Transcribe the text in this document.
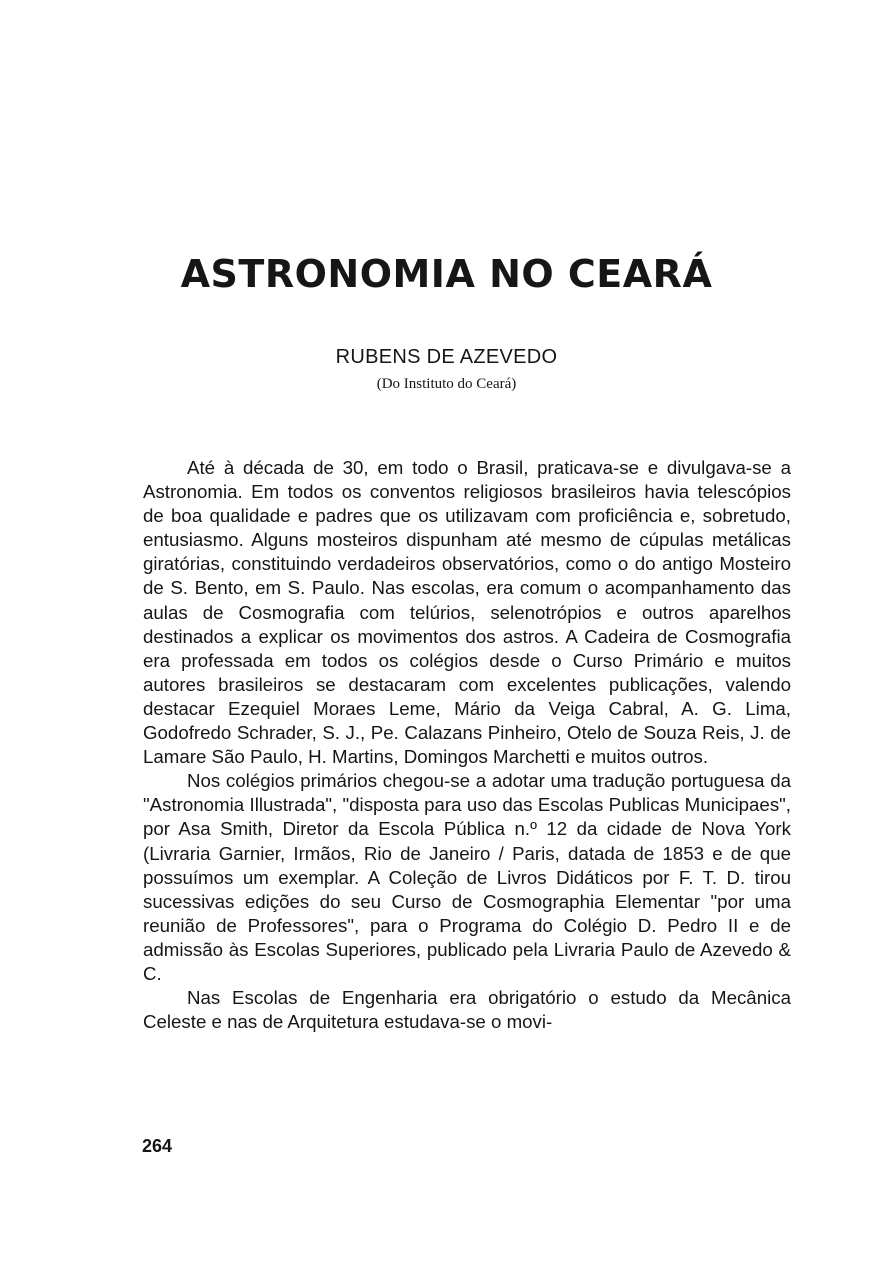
ASTRONOMIA NO CEARÁ
RUBENS DE AZEVEDO
(Do Instituto do Ceará)

Até à década de 30, em todo o Brasil, praticava-se e divulgava-se a Astronomia. Em todos os conventos religiosos brasileiros havia telescópios de boa qualidade e padres que os utilizavam com proficiência e, sobretudo, entusiasmo. Alguns mosteiros dispunham até mesmo de cúpulas metálicas giratórias, constituindo verdadeiros observatórios, como o do antigo Mosteiro de S. Bento, em S. Paulo. Nas escolas, era comum o acompanhamento das aulas de Cosmografia com telúrios, selenotrópios e outros aparelhos destinados a explicar os movimentos dos astros. A Cadeira de Cosmografia era professada em todos os colégios desde o Curso Primário e muitos autores brasileiros se destacaram com excelentes publicações, valendo destacar Ezequiel Moraes Leme, Mário da Veiga Cabral, A. G. Lima, Godofredo Schrader, S. J., Pe. Calazans Pinheiro, Otelo de Souza Reis, J. de Lamare São Paulo, H. Martins, Domingos Marchetti e muitos outros.

Nos colégios primários chegou-se a adotar uma tradução portuguesa da "Astronomia Illustrada", "disposta para uso das Escolas Publicas Municipaes", por Asa Smith, Diretor da Escola Pública n.º 12 da cidade de Nova York (Livraria Garnier, Irmãos, Rio de Janeiro / Paris, datada de 1853 e de que possuímos um exemplar. A Coleção de Livros Didáticos por F. T. D. tirou sucessivas edições do seu Curso de Cosmographia Elementar "por uma reunião de Professores", para o Programa do Colégio D. Pedro II e de admissão às Escolas Superiores, publicado pela Livraria Paulo de Azevedo & C.

Nas Escolas de Engenharia era obrigatório o estudo da Mecânica Celeste e nas de Arquitetura estudava-se o movi-

264
